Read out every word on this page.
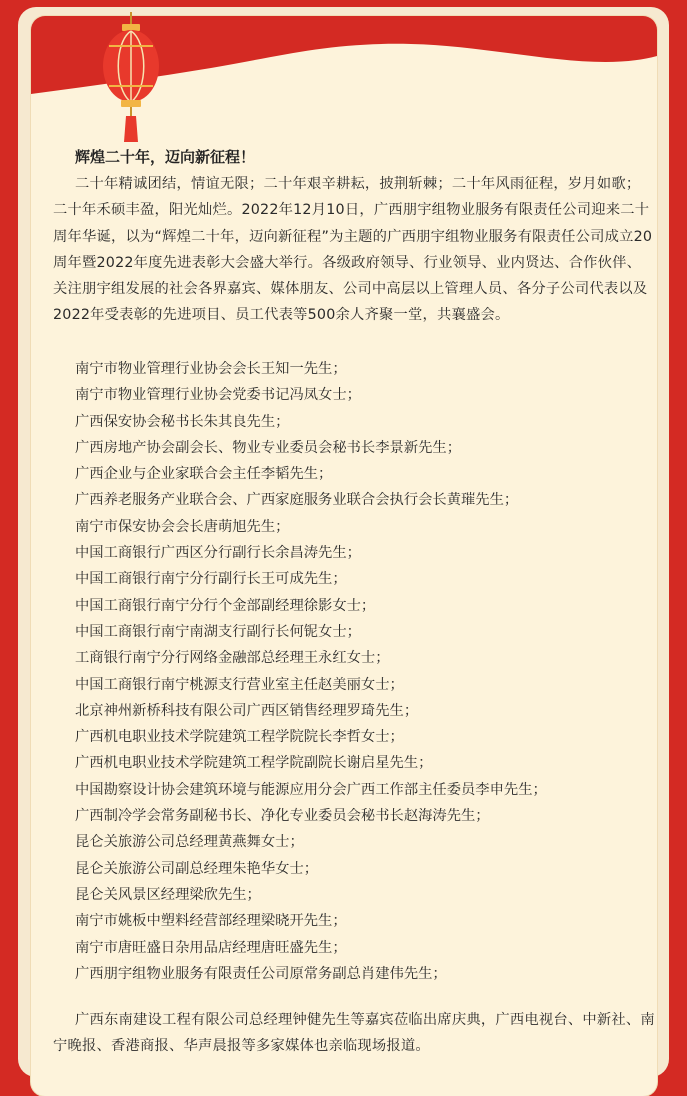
辉煌二十年，迈向新征程！

二十年精诚团结，情谊无限；二十年艰辛耕耘，披荆斩棘；二十年风雨征程，岁月如歌；二十年禾硕丰盈，阳光灿烂。2022年12月10日，广西朋宇组物业服务有限责任公司迎来二十周年华诞，以为“辉煌二十年，迈向新征程”为主题的广西朋宇组物业服务有限责任公司成立20周年暨2022年度先进表彰大会盛大举行。各级政府领导、行业领导、业内贤达、合作伙伴、关注朋宇组发展的社会各界嘉宾、媒体朋友、公司中高层以上管理人员、各分子公司代表以及2022年受表彰的先进项目、员工代表等500余人齐聚一堂，共襄盛会。

南宁市物业管理行业协会会长王知一先生；
南宁市物业管理行业协会党委书记冯凤女士；
广西保安协会秘书长朱其良先生；
广西房地产协会副会长、物业专业委员会秘书长李景新先生；
广西企业与企业家联合会主任李韬先生；
广西养老服务产业联合会、广西家庭服务业联合会执行会长黄璀先生；
南宁市保安协会会长唐萌旭先生；
中国工商银行广西区分行副行长余昌涛先生；
中国工商银行南宁分行副行长王可成先生；
中国工商银行南宁分行个金部副经理徐影女士；
中国工商银行南宁南湖支行副行长何铌女士；
工商银行南宁分行网络金融部总经理王永红女士；
中国工商银行南宁桃源支行营业室主任赵美丽女士；
北京神州新桥科技有限公司广西区销售经理罗琦先生；
广西机电职业技术学院建筑工程学院院长李哲女士；
广西机电职业技术学院建筑工程学院副院长谢启星先生；
中国勘察设计协会建筑环境与能源应用分会广西工作部主任委员李申先生；
广西制冷学会常务副秘书长、净化专业委员会秘书长赵海涛先生；
昆仑关旅游公司总经理黄燕舞女士；
昆仑关旅游公司副总经理朱艳华女士；
昆仑关风景区经理梁欣先生；
南宁市姚板中塑料经营部经理梁晓开先生；
南宁市唐旺盛日杂用品店经理唐旺盛先生；
广西朋宇组物业服务有限责任公司原常务副总肖建伟先生；

广西东南建设工程有限公司总经理钟健先生等嘉宾莅临出席庆典，广西电视台、中新社、南宁晚报、香港商报、华声晨报等多家媒体也亲临现场报道。
